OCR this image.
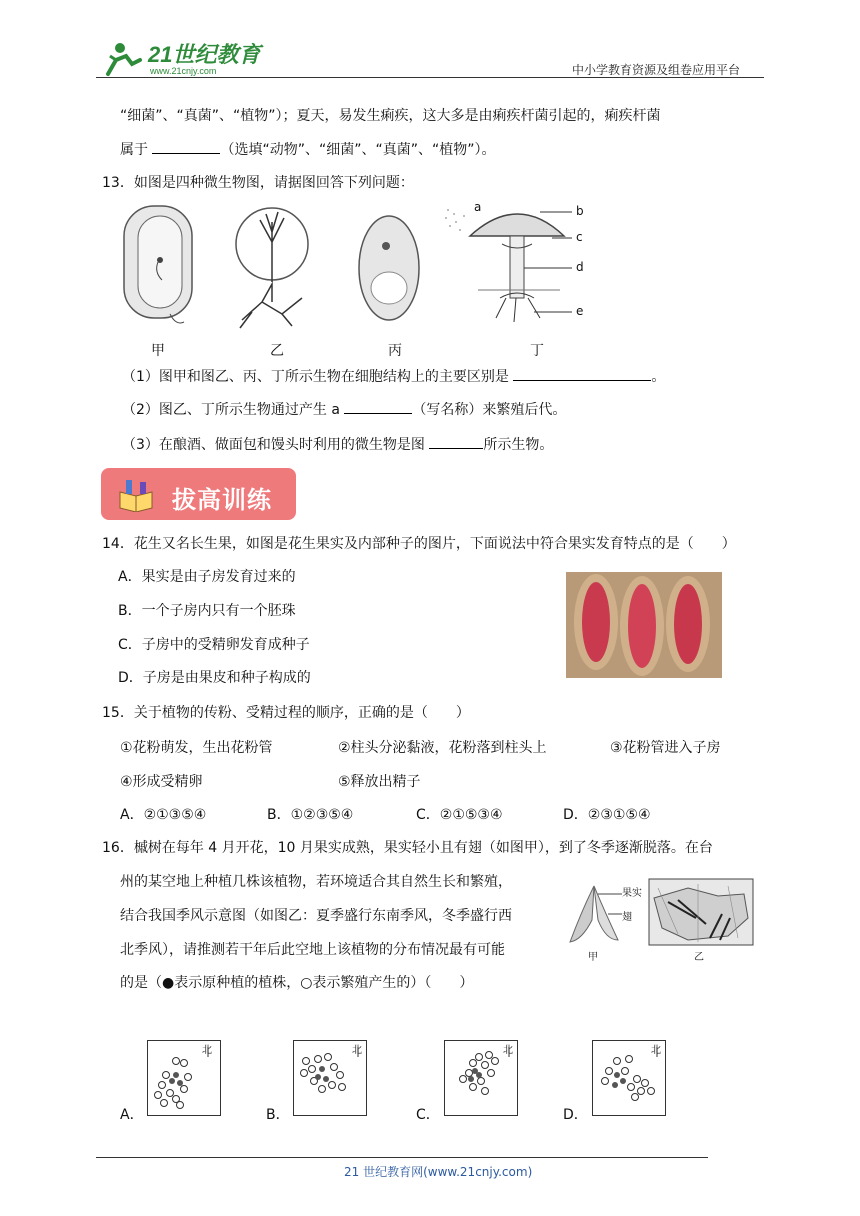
21世纪教育
www.21cnjy.com	中小学教育资源及组卷应用平台

“细菌”、“真菌”、“植物”）；夏天，易发生痢疾，这大多是由痢疾杆菌引起的，痢疾杆菌

属于	（选填“动物”、“细菌”、“真菌”、“植物”）。

13．如图是四种微生物图，请据图回答下列问题：

a	b
c
d
e
甲	乙	丙	丁

（1）图甲和图乙、丙、丁所示生物在细胞结构上的主要区别是	。

（2）图乙、丁所示生物通过产生 a	（写名称）来繁殖后代。

（3）在酿酒、做面包和馒头时利用的微生物是图	所示生物。

拔高训练

14．花生又名长生果，如图是花生果实及内部种子的图片，下面说法中符合果实发育特点的是（　　）

A．果实是由子房发育过来的

B．一个子房内只有一个胚珠

C．子房中的受精卵发育成种子

D．子房是由果皮和种子构成的

15．关于植物的传粉、受精过程的顺序，正确的是（　　）

①花粉萌发，生出花粉管	②柱头分泌黏液，花粉落到柱头上	③花粉管进入子房
④形成受精卵	⑤释放出精子
A．②①③⑤④	B．①②③⑤④	C．②①⑤③④	D．②③①⑤④

16．槭树在每年 4 月开花，10 月果实成熟，果实轻小且有翅（如图甲），到了冬季逐渐脱落。在台

州的某空地上种植几株该植物，若环境适合其自然生长和繁殖，

结合我国季风示意图（如图乙：夏季盛行东南季风，冬季盛行西

北季风），请推测若干年后此空地上该植物的分布情况最有可能

的是（●表示原种植的植株，○表示繁殖产生的）（　　）

果实
翅
甲	乙
A．	B．	C．	D．
北	北	北	北
21 世纪教育网(www.21cnjy.com)
